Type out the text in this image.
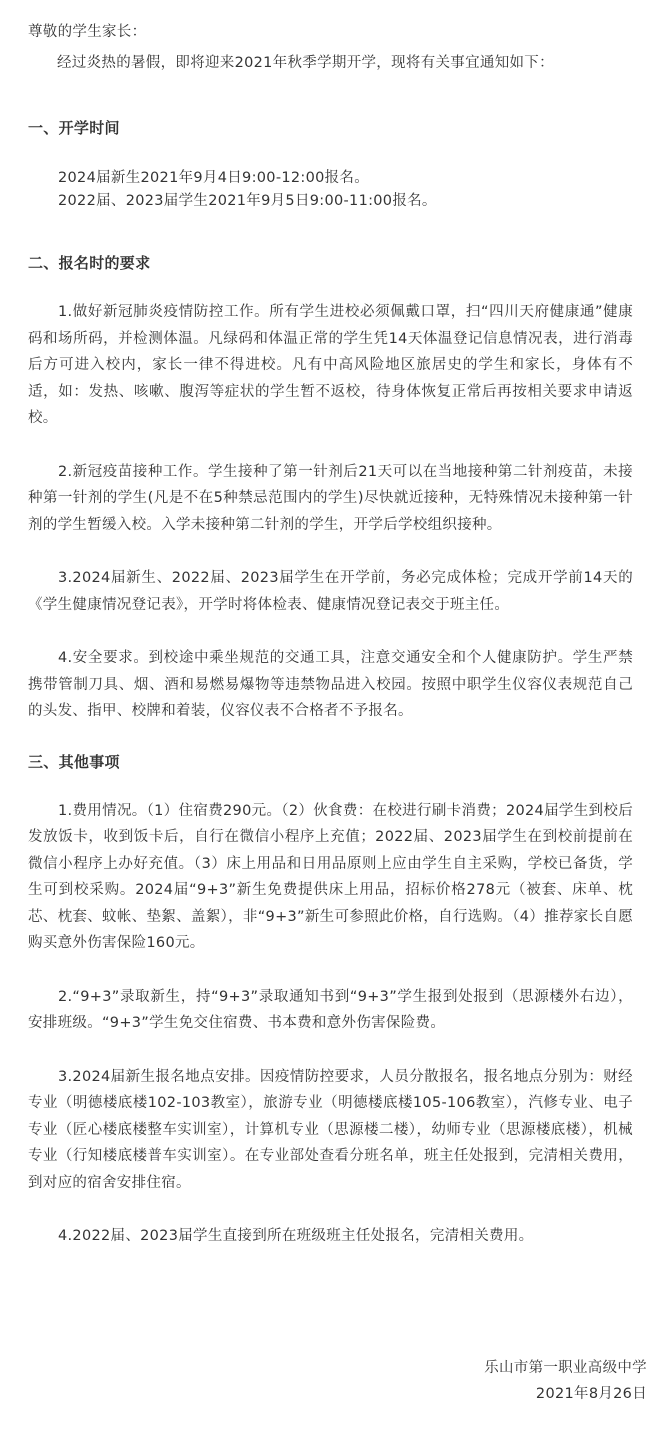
尊敬的学生家长：

经过炎热的暑假，即将迎来2021年秋季学期开学，现将有关事宜通知如下：

一、开学时间

2024届新生2021年9月4日9:00-12:00报名。

2022届、2023届学生2021年9月5日9:00-11:00报名。

二、报名时的要求

1.做好新冠肺炎疫情防控工作。所有学生进校必须佩戴口罩，扫“四川天府健康通”健康码和场所码，并检测体温。凡绿码和体温正常的学生凭14天体温登记信息情况表，进行消毒后方可进入校内，家长一律不得进校。凡有中高风险地区旅居史的学生和家长，身体有不适，如：发热、咳嗽、腹泻等症状的学生暂不返校，待身体恢复正常后再按相关要求申请返校。

2.新冠疫苗接种工作。学生接种了第一针剂后21天可以在当地接种第二针剂疫苗，未接种第一针剂的学生(凡是不在5种禁忌范围内的学生)尽快就近接种，无特殊情况未接种第一针剂的学生暂缓入校。入学未接种第二针剂的学生，开学后学校组织接种。

3.2024届新生、2022届、2023届学生在开学前，务必完成体检；完成开学前14天的《学生健康情况登记表》，开学时将体检表、健康情况登记表交于班主任。

4.安全要求。到校途中乘坐规范的交通工具，注意交通安全和个人健康防护。学生严禁携带管制刀具、烟、酒和易燃易爆物等违禁物品进入校园。按照中职学生仪容仪表规范自己的头发、指甲、校牌和着装，仪容仪表不合格者不予报名。

三、其他事项

1.费用情况。（1）住宿费290元。（2）伙食费：在校进行刷卡消费；2024届学生到校后发放饭卡，收到饭卡后，自行在微信小程序上充值；2022届、2023届学生在到校前提前在微信小程序上办好充值。（3）床上用品和日用品原则上应由学生自主采购，学校已备货，学生可到校采购。2024届“9+3”新生免费提供床上用品，招标价格278元（被套、床单、枕芯、枕套、蚊帐、垫絮、盖絮），非“9+3”新生可参照此价格，自行选购。（4）推荐家长自愿购买意外伤害保险160元。

2.“9+3”录取新生，持“9+3”录取通知书到“9+3”学生报到处报到（思源楼外右边），安排班级。“9+3”学生免交住宿费、书本费和意外伤害保险费。

3.2024届新生报名地点安排。因疫情防控要求，人员分散报名，报名地点分别为：财经专业（明德楼底楼102-103教室），旅游专业（明德楼底楼105-106教室），汽修专业、电子专业（匠心楼底楼整车实训室），计算机专业（思源楼二楼），幼师专业（思源楼底楼），机械专业（行知楼底楼普车实训室）。在专业部处查看分班名单，班主任处报到，完清相关费用，到对应的宿舍安排住宿。

4.2022届、2023届学生直接到所在班级班主任处报名，完清相关费用。

乐山市第一职业高级中学
2021年8月26日
